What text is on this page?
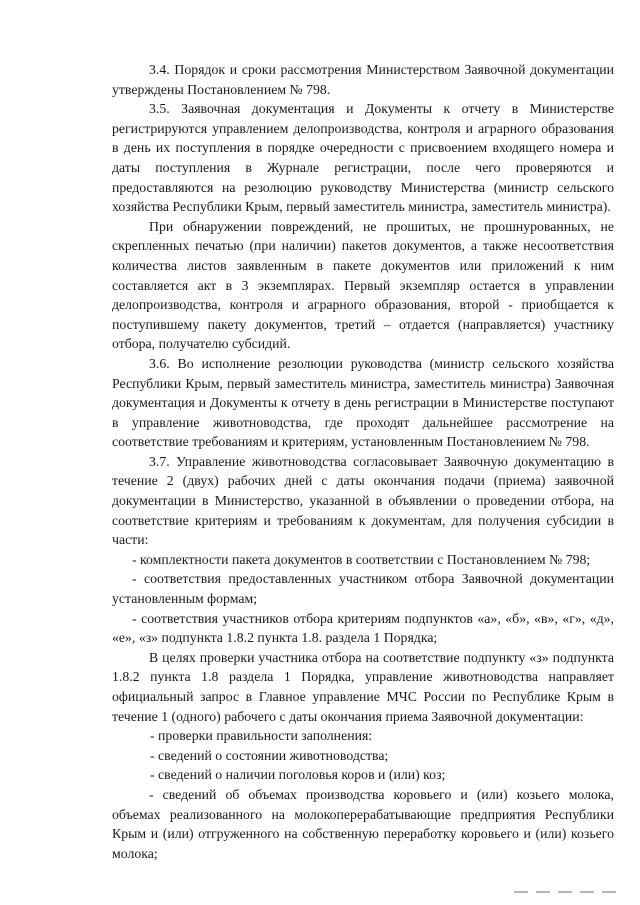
3.4. Порядок и сроки рассмотрения Министерством Заявочной документации утверждены Постановлением № 798.

3.5. Заявочная документация и Документы к отчету в Министерстве регистрируются управлением делопроизводства, контроля и аграрного образования в день их поступления в порядке очередности с присвоением входящего номера и даты поступления в Журнале регистрации, после чего проверяются и предоставляются на резолюцию руководству Министерства (министр сельского хозяйства Республики Крым, первый заместитель министра, заместитель министра).

При обнаружении повреждений, не прошитых, не прошнурованных, не скрепленных печатью (при наличии) пакетов документов, а также несоответствия количества листов заявленным в пакете документов или приложений к ним составляется акт в 3 экземплярах. Первый экземпляр остается в управлении делопроизводства, контроля и аграрного образования, второй - приобщается к поступившему пакету документов, третий – отдается (направляется) участнику отбора, получателю субсидий.

3.6. Во исполнение резолюции руководства (министр сельского хозяйства Республики Крым, первый заместитель министра, заместитель министра) Заявочная документация и Документы к отчету в день регистрации в Министерстве поступают в управление животноводства, где проходят дальнейшее рассмотрение на соответствие требованиям и критериям, установленным Постановлением № 798.

3.7. Управление животноводства согласовывает Заявочную документацию в течение 2 (двух) рабочих дней с даты окончания подачи (приема) заявочной документации в Министерство, указанной в объявлении о проведении отбора, на соответствие критериям и требованиям к документам, для получения субсидии в части:

- комплектности пакета документов в соответствии с Постановлением № 798;

- соответствия предоставленных участником отбора Заявочной документации установленным формам;

- соответствия участников отбора критериям подпунктов «а», «б», «в», «г», «д», «е», «з» подпункта 1.8.2 пункта 1.8. раздела 1 Порядка;

В целях проверки участника отбора на соответствие подпункту «з» подпункта 1.8.2 пункта 1.8 раздела 1 Порядка, управление животноводства направляет официальный запрос в Главное управление МЧС России по Республике Крым в течение 1 (одного) рабочего с даты окончания приема Заявочной документации:

- проверки правильности заполнения:

- сведений о состоянии животноводства;

- сведений о наличии поголовья коров и (или) коз;

- сведений об объемах производства коровьего и (или) козьего молока, объемах реализованного на молокоперерабатывающие предприятия Республики Крым и (или) отгруженного на собственную переработку коровьего и (или) козьего молока;
